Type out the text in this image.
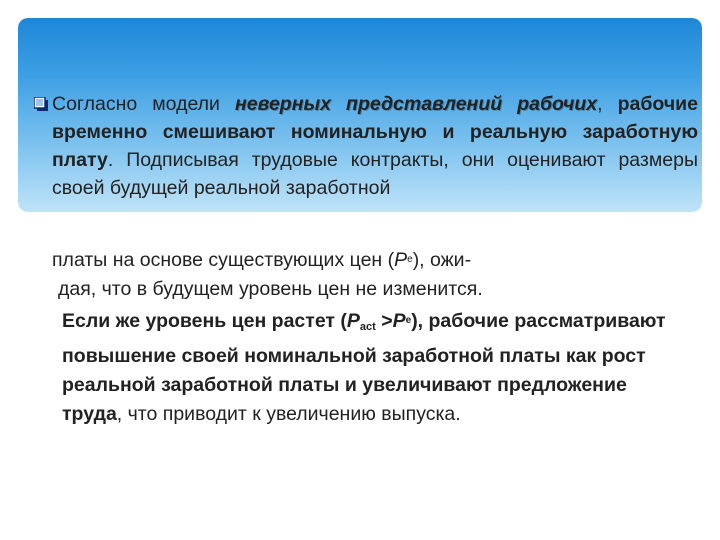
Согласно модели неверных представлений рабочих, рабочие временно смешивают номинальную и реальную заработную плату. Подписывая трудовые контракты, они оценивают размеры своей будущей реальной заработной

платы на основе существующих цен $(P^e)$, ожи-

дая, что в будущем уровень цен не изменится.

Если же уровень цен растет $(P_{act} >P^e)$, рабочие рассматривают повышение своей номинальной заработной платы как рост реальной заработной платы и увеличивают предложение труда, что приводит к увеличению выпуска.
